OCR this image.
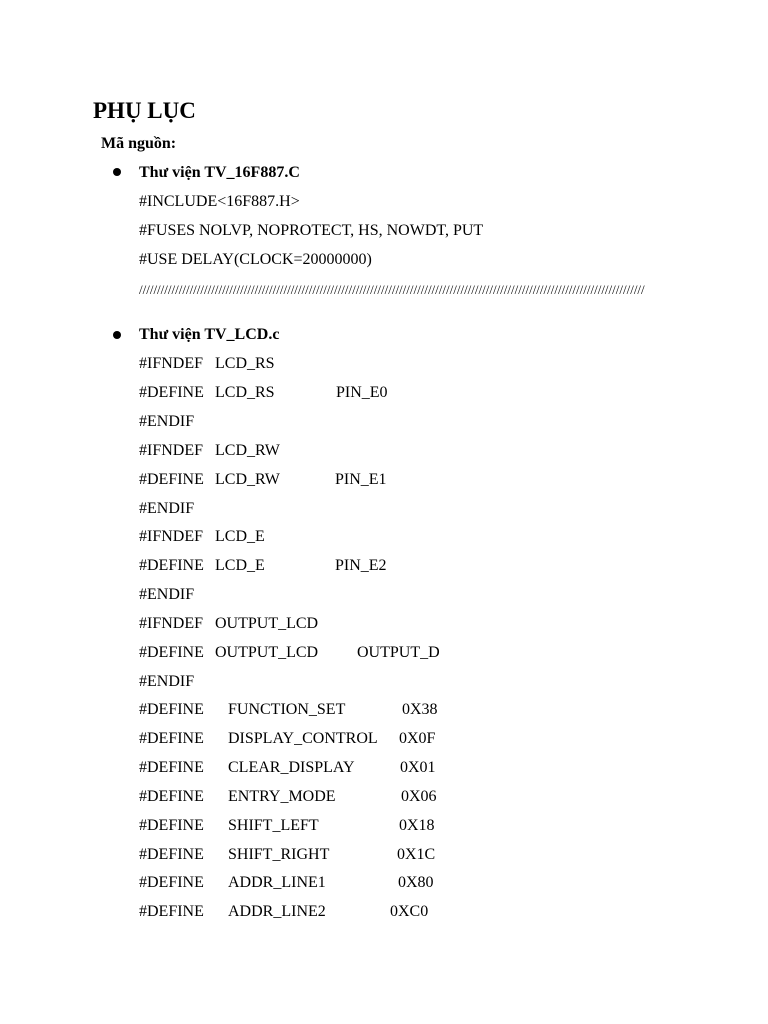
PHỤ LỤC
Mã nguồn:
Thư viện TV_16F887.C
#INCLUDE<16F887.H>
#FUSES NOLVP, NOPROTECT, HS, NOWDT, PUT
#USE DELAY(CLOCK=20000000)
////////////////////////////////////////////////////////////////////////////////////////////////////////////////////////////////////////////
Thư viện TV_LCD.c
#IFNDEF LCD_RS
#DEFINE LCD_RS	PIN_E0
#ENDIF
#IFNDEF LCD_RW
#DEFINE LCD_RW	PIN_E1
#ENDIF
#IFNDEF LCD_E
#DEFINE LCD_E	PIN_E2
#ENDIF
#IFNDEF OUTPUT_LCD
#DEFINE OUTPUT_LCD OUTPUT_D
#ENDIF
#DEFINE FUNCTION_SET	0X38
#DEFINE DISPLAY_CONTROL 0X0F
#DEFINE CLEAR_DISPLAY	0X01
#DEFINE ENTRY_MODE	0X06
#DEFINE SHIFT_LEFT	0X18
#DEFINE SHIFT_RIGHT	0X1C
#DEFINE ADDR_LINE1	0X80
#DEFINE ADDR_LINE2	0XC0
